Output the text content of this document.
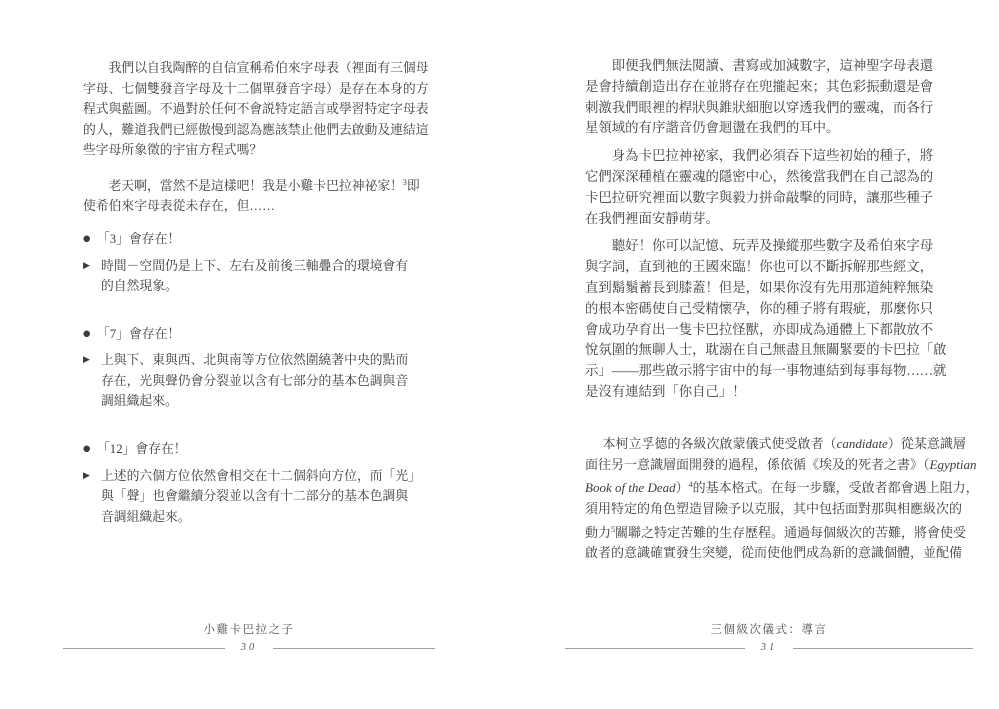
我們以自我陶醉的自信宣稱希伯來字母表（裡面有三個母
字母、七個雙發音字母及十二個單發音字母）是存在本身的方
程式與藍圖。不過對於任何不會説特定語言或學習特定字母表
的人，難道我們已經傲慢到認為應該禁止他們去啟動及連結這
些字母所象徵的宇宙方程式嗎？
老天啊，當然不是這樣吧！我是小雞卡巴拉神祕家！$^3$即
使希伯來字母表從未存在，但……
● 「3」會存在！
▶ 時間－空間仍是上下、左右及前後三軸疊合的環境會有
的自然現象。
● 「7」會存在！
▶ 上與下、東與西、北與南等方位依然圍繞著中央的點而
存在，光與聲仍會分裂並以含有七部分的基本色調與音
調組織起來。
● 「12」會存在！
▶ 上述的六個方位依然會相交在十二個斜向方位，而「光」
與「聲」也會繼續分裂並以含有十二部分的基本色調與
音調組織起來。
小雞卡巴拉之子
30
即便我們無法閱讀、書寫或加減數字，這神聖字母表還
是會持續創造出存在並將存在兜攏起來；其色彩振動還是會
刺激我們眼裡的桿狀與錐狀細胞以穿透我們的靈魂，而各行
星領域的有序諧音仍會迴盪在我們的耳中。
身為卡巴拉神祕家，我們必須吞下這些初始的種子，將
它們深深種植在靈魂的隱密中心，然後當我們在自己認為的
卡巴拉研究裡面以數字與毅力拼命敲擊的同時，讓那些種子
在我們裡面安靜萌芽。
聽好！你可以記憶、玩弄及操縱那些數字及希伯來字母
與字詞，直到祂的王國來臨！你也可以不斷拆解那些經文，
直到鬍鬚蓄長到膝蓋！但是，如果你沒有先用那道純粹無染
的根本密碼使自己受精懷孕，你的種子將有瑕疵，那麼你只
會成功孕育出一隻卡巴拉怪獸，亦即成為通體上下都散放不
悅氛圍的無聊人士，耽溺在自己無盡且無關緊要的卡巴拉「啟
示」——那些啟示將宇宙中的每一事物連結到每事每物……就
是沒有連結到「你自己」！
本柯立孚德的各級次啟蒙儀式使受啟者（candidate）從某意識層
面往另一意識層面開發的過程，係依循《埃及的死者之書》（Egyptian
Book of the Dead）$^4$的基本格式。在每一步驟，受啟者都會遇上阻力，
須用特定的角色塑造冒險予以克服，其中包括面對那與相應級次的
動力$^5$關聯之特定苦難的生存歷程。通過每個級次的苦難，將會使受
啟者的意識確實發生突變，從而使他們成為新的意識個體，並配備
三個級次儀式：導言
31
